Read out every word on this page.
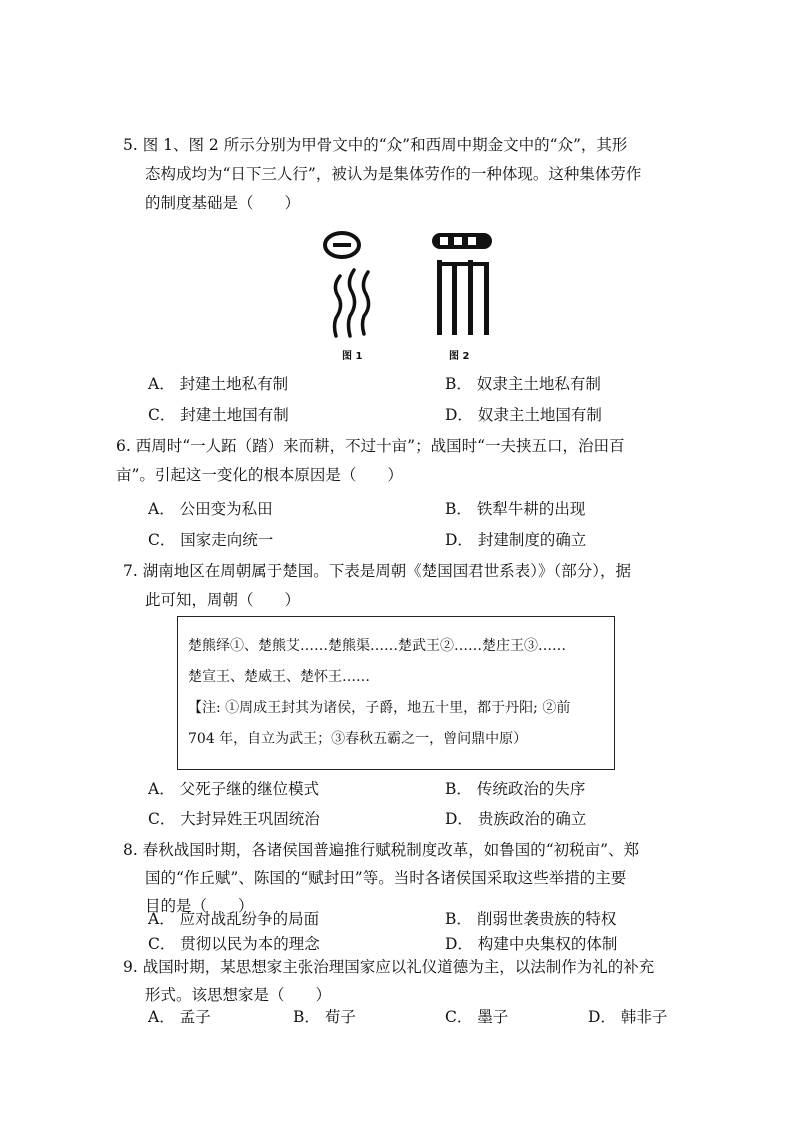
5. 图 1、图 2 所示分别为甲骨文中的“众”和西周中期金文中的“众”，其形

态构成均为“日下三人行”，被认为是集体劳作的一种体现。这种集体劳作

的制度基础是（　　）

图 1	图 2
A． 封建土地私有制	B． 奴隶主土地私有制
C． 封建土地国有制	D． 奴隶主土地国有制

6. 西周时“一人跖（踏）来而耕，不过十亩”；战国时“一夫挟五口，治田百

亩”。引起这一变化的根本原因是（　　）

A． 公田变为私田	B． 铁犁牛耕的出现
C． 国家走向统一	D． 封建制度的确立

7. 湖南地区在周朝属于楚国。下表是周朝《楚国国君世系表）》（部分），据

此可知，周朝（　　）

楚熊绎①、楚熊艾……楚熊渠……楚武王②……楚庄王③……

楚宣王、楚威王、楚怀王……

【注: ①周成王封其为诸侯，子爵，地五十里，都于丹阳; ②前

704 年，自立为武王；③春秋五霸之一，曾问鼎中原）

A． 父死子继的继位模式	B． 传统政治的失序
C． 大封异姓王巩固统治	D． 贵族政治的确立

8. 春秋战国时期，各诸侯国普遍推行赋税制度改革，如鲁国的“初税亩”、郑

国的“作丘赋”、陈国的“赋封田”等。当时各诸侯国采取这些举措的主要

目的是（　　）

A． 应对战乱纷争的局面	B． 削弱世袭贵族的特权
C． 贯彻以民为本的理念	D． 构建中央集权的体制

9. 战国时期，某思想家主张治理国家应以礼仪道德为主，以法制作为礼的补充

形式。该思想家是（　　）

A． 孟子	B． 荀子	C． 墨子	D． 韩非子
